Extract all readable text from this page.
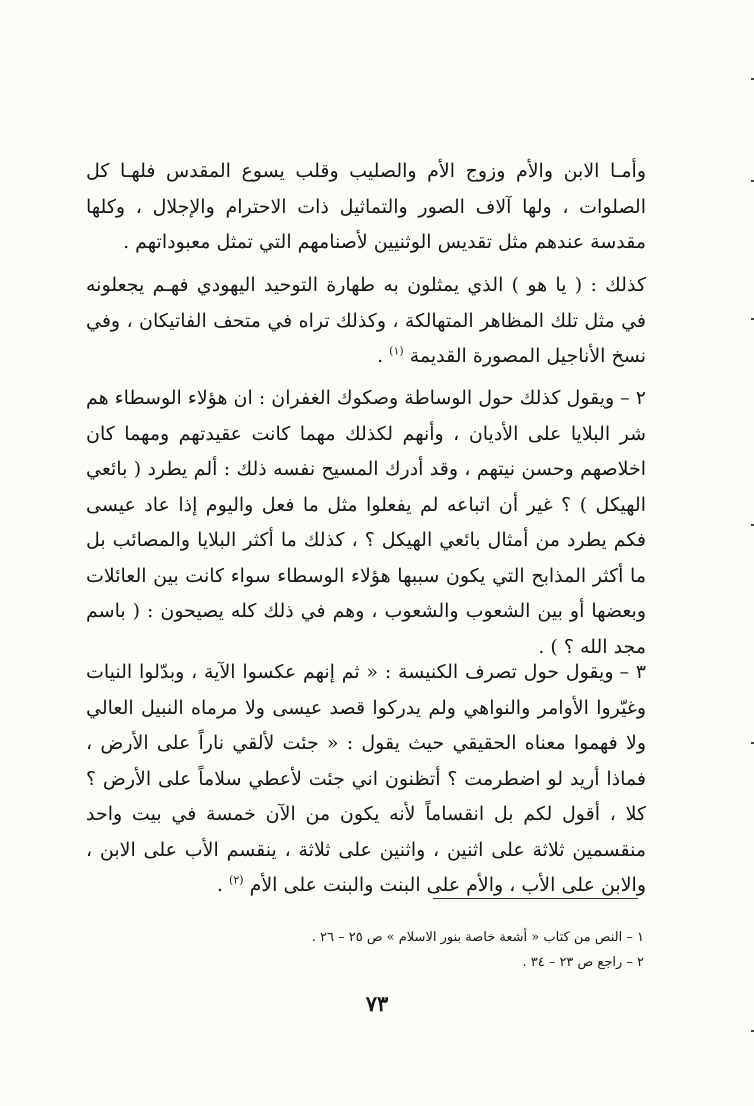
وأمـا الابن والأم وزوج الأم والصليب وقلب يسوع المقدس فلهـا كل الصلوات ، ولها آلاف الصور والتماثيل ذات الاحترام والإجلال ، وكلها مقدسة عندهم مثل تقديس الوثنيين لأصنامهم التي تمثل معبوداتهم .

كذلك : ( يا هو ) الذي يمثلون به طهارة التوحيد اليهودي فهـم يجعلونه في مثل تلك المظاهر المتهالكة ، وكذلك تراه في متحف الفاتيكان ، وفي نسخ الأناجيل المصورة القديمة $^{(١)}$ .

٢ –ويقول كذلك حول الوساطة وصكوك الغفران : ان هؤلاء الوسطاء هم شر البلايا على الأديان ، وأنهم لكذلك مهما كانت عقيدتهم ومهما كان اخلاصهم وحسن نيتهم ، وقد أدرك المسيح نفسه ذلك : ألم يطرد ( بائعي الهيكل ) ؟ غير أن اتباعه لم يفعلوا مثل ما فعل واليوم إذا عاد عيسى فكم يطرد من أمثال بائعي الهيكل ؟ ، كذلك ما أكثر البلايا والمصائب بل ما أكثر المذابح التي يكون سببها هؤلاء الوسطاء سواء كانت بين العائلات وبعضها أو بين الشعوب والشعوب ، وهم في ذلك كله يصيحون : ( باسم مجد الله ؟ ) .

٣ –ويقول حول تصرف الكنيسة : « ثم إنهم عكسوا الآية ، وبدّلوا النيات وغيّروا الأوامر والنواهي ولم يدركوا قصد عيسى ولا مرماه النبيل العالي ولا فهموا معناه الحقيقي حيث يقول : « جئت لألقي ناراً على الأرض ، فماذا أريد لو اضطرمت ؟ أتظنون اني جئت لأعطي سلاماً على الأرض ؟ كلا ، أقول لكم بل انقساماً لأنه يكون من الآن خمسة في بيت واحد منقسمين ثلاثة على اثنين ، واثنين على ثلاثة ، ينقسم الأب على الابن ، والابن على الأب ، والأم على البنت والبنت على الأم $^{(٢)}$ .

١ – النص من كتاب « أشعة خاصة بنور الاسلام » ص ٢٥ – ٢٦ .

٢ – راجع ص ٢٣ – ٣٤ .

٧٣
